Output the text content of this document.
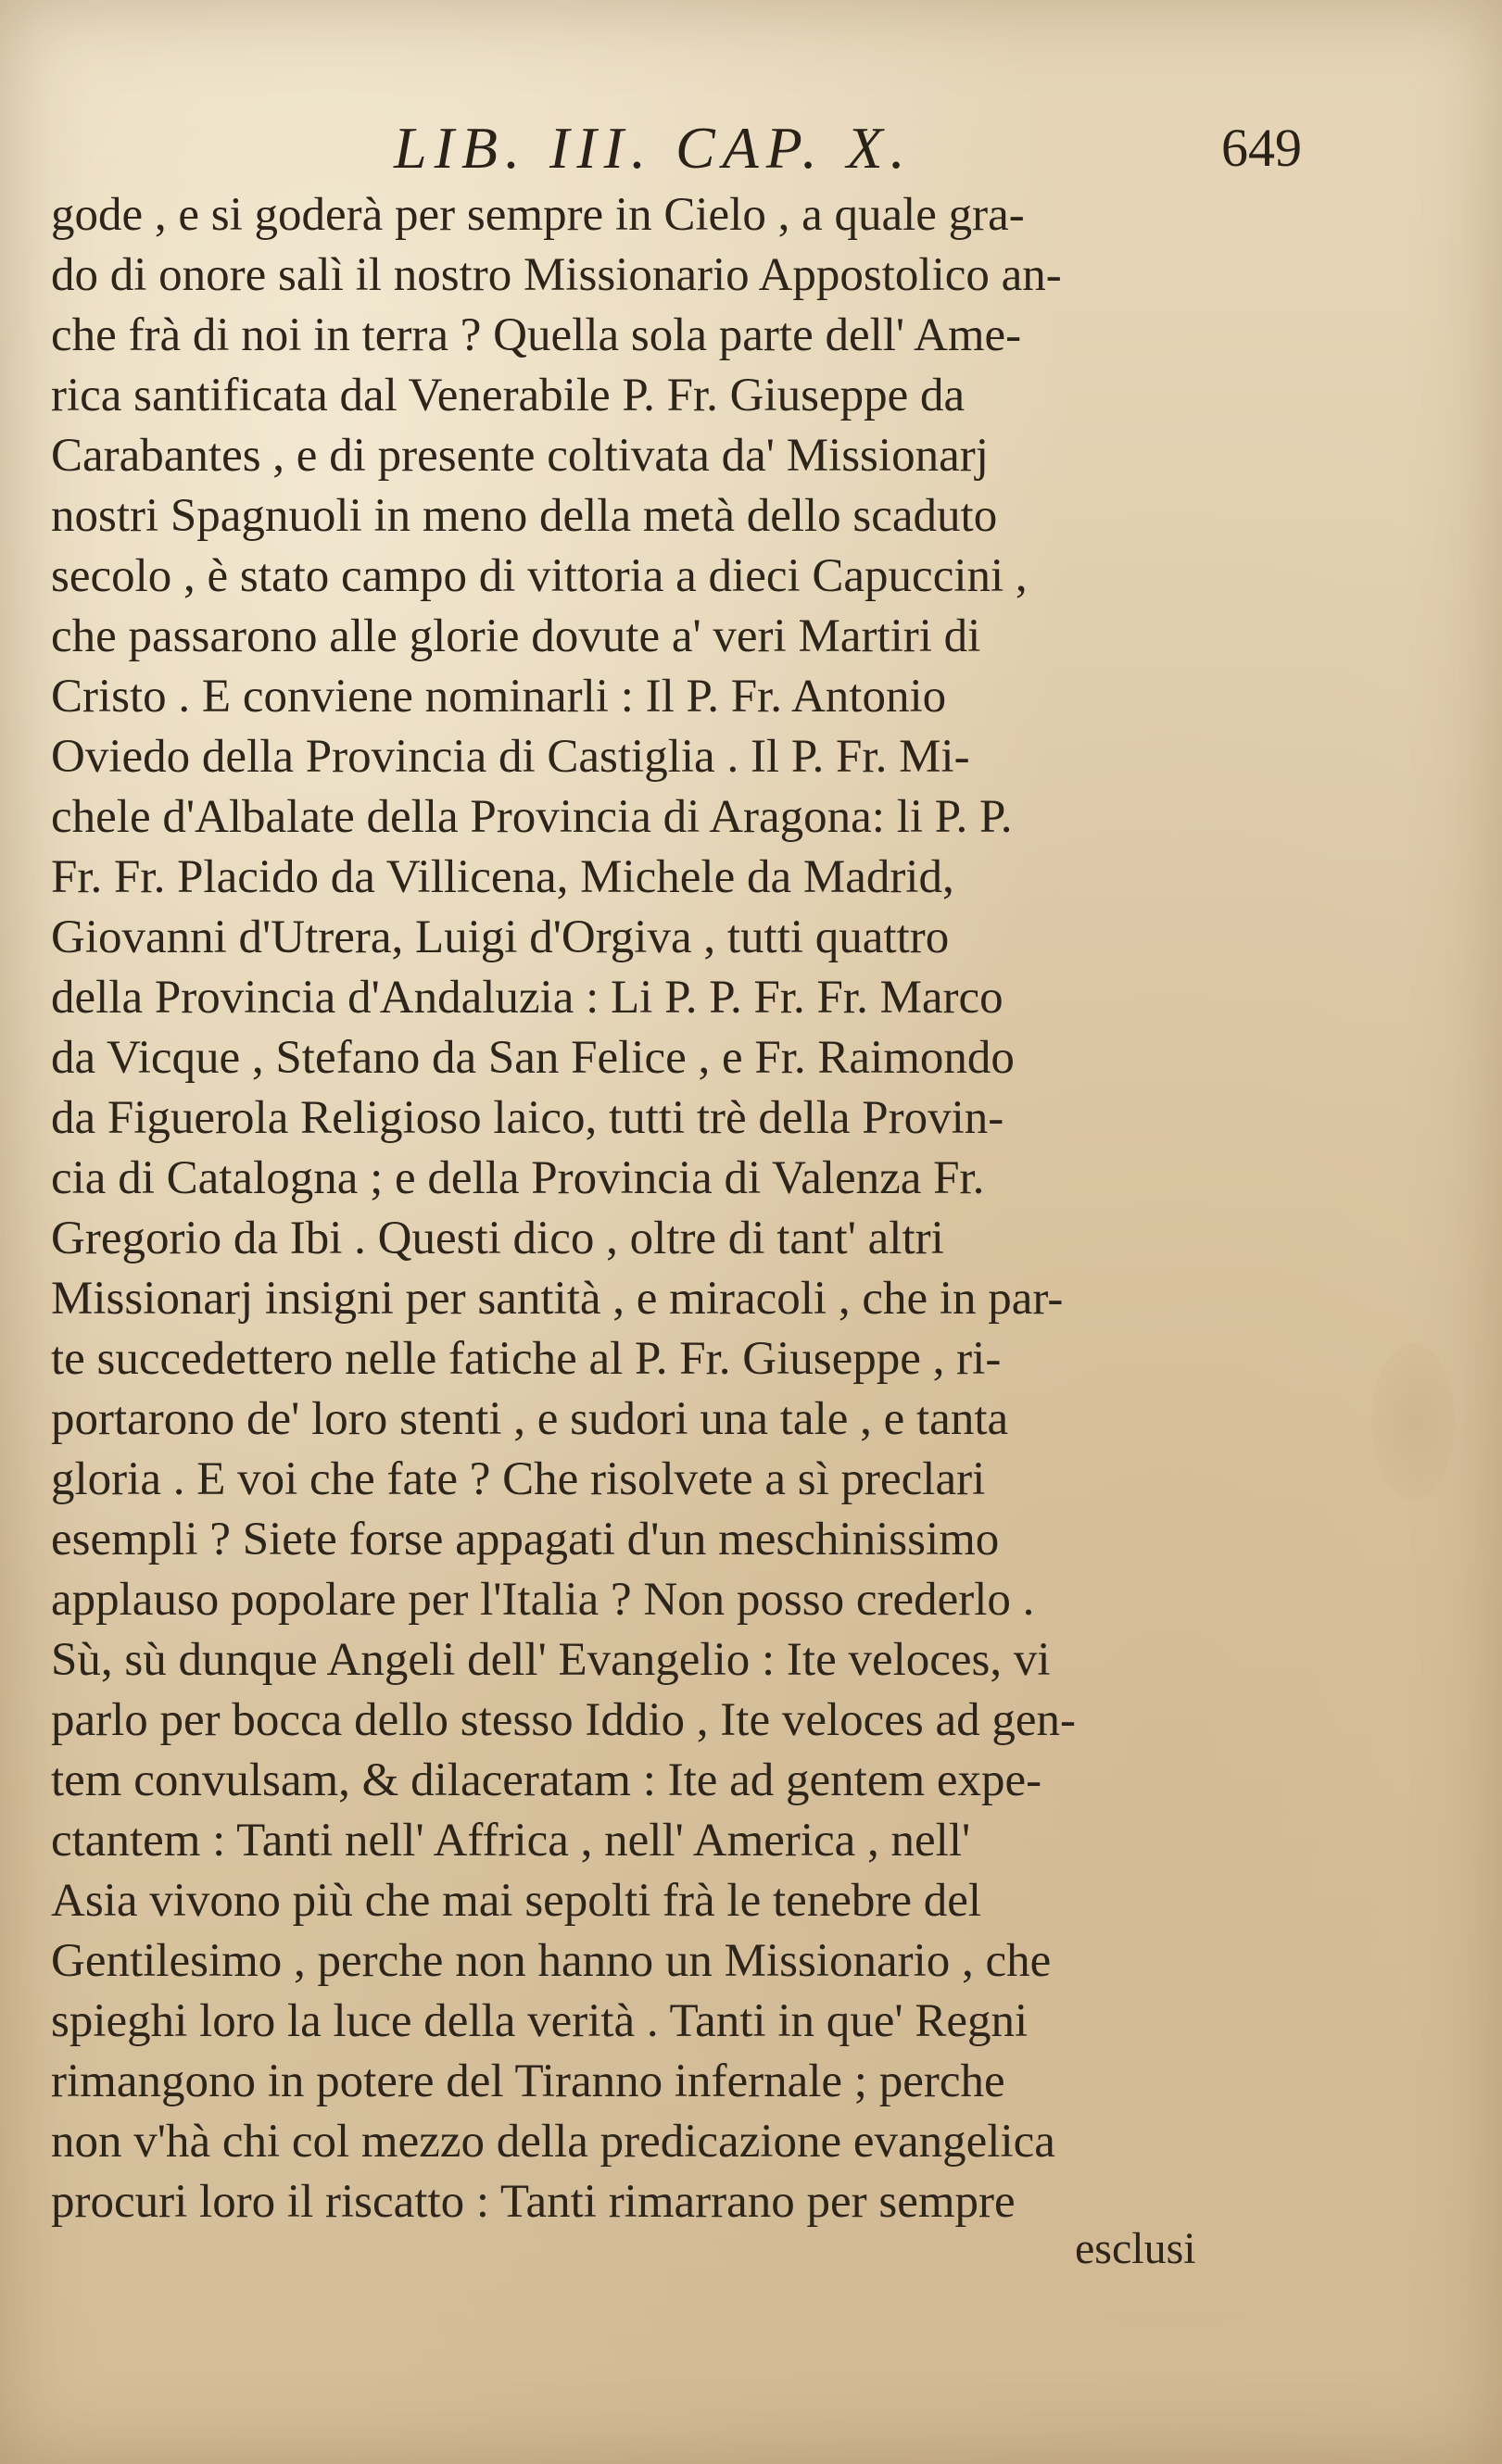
LIB. III. CAP. X.	649
gode , e si goderà per sempre in Cielo , a quale gra-
do di onore salì il nostro Missionario Appostolico an-
che frà di noi in terra ? Quella sola parte dell' Ame-
rica santificata dal Venerabile P. Fr. Giuseppe da
Carabantes , e di presente coltivata da' Missionarj
nostri Spagnuoli in meno della metà dello scaduto
secolo , è stato campo di vittoria a dieci Capuccini ,
che passarono alle glorie dovute a' veri Martiri di
Cristo . E conviene nominarli : Il P. Fr. Antonio
Oviedo della Provincia di Castiglia . Il P. Fr. Mi-
chele d'Albalate della Provincia di Aragona: li P. P.
Fr. Fr. Placido da Villicena, Michele da Madrid,
Giovanni d'Utrera, Luigi d'Orgiva , tutti quattro
della Provincia d'Andaluzia : Li P. P. Fr. Fr. Marco
da Vicque , Stefano da San Felice , e Fr. Raimondo
da Figuerola Religioso laico, tutti trè della Provin-
cia di Catalogna ; e della Provincia di Valenza Fr.
Gregorio da Ibi . Questi dico , oltre di tant' altri
Missionarj insigni per santità , e miracoli , che in par-
te succedettero nelle fatiche al P. Fr. Giuseppe , ri-
portarono de' loro stenti , e sudori una tale , e tanta
gloria . E voi che fate ? Che risolvete a sì preclari
esempli ? Siete forse appagati d'un meschinissimo
applauso popolare per l'Italia ? Non posso crederlo .
Sù, sù dunque Angeli dell' Evangelio : Ite veloces, vi
parlo per bocca dello stesso Iddio , Ite veloces ad gen-
tem convulsam, & dilaceratam : Ite ad gentem expe-
ctantem : Tanti nell' Affrica , nell' America , nell'
Asia vivono più che mai sepolti frà le tenebre del
Gentilesimo , perche non hanno un Missionario , che
spieghi loro la luce della verità . Tanti in que' Regni
rimangono in potere del Tiranno infernale ; perche
non v'hà chi col mezzo della predicazione evangelica
procuri loro il riscatto : Tanti rimarrano per sempre
esclusi
